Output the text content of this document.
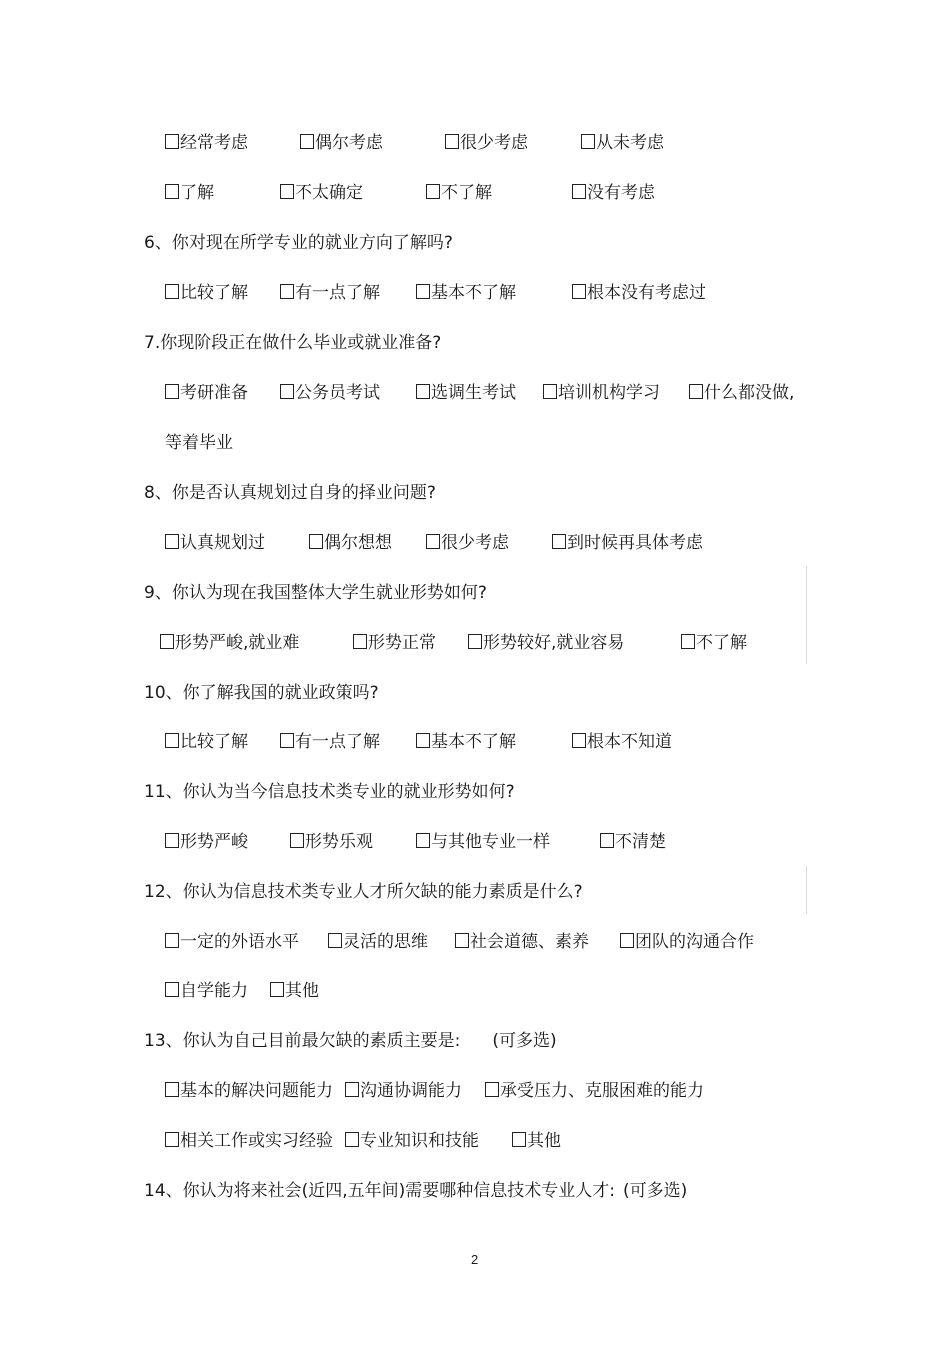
经常考虑	偶尔考虑	很少考虑	从未考虑
了解	不太确定	不了解	没有考虑
6、你对现在所学专业的就业方向了解吗?
比较了解	有一点了解	基本不了解	根本没有考虑过
7.你现阶段正在做什么毕业或就业准备?
考研准备	公务员考试	选调生考试	培训机构学习	什么都没做,
等着毕业
8、你是否认真规划过自身的择业问题?
认真规划过	偶尔想想	很少考虑	到时候再具体考虑
9、你认为现在我国整体大学生就业形势如何?
形势严峻,就业难	形势正常	形势较好,就业容易	不了解
10、你了解我国的就业政策吗?
比较了解	有一点了解	基本不了解	根本不知道
11、你认为当今信息技术类专业的就业形势如何?
形势严峻	形势乐观	与其他专业一样	不清楚
12、你认为信息技术类专业人才所欠缺的能力素质是什么?
一定的外语水平	灵活的思维	社会道德、素养	团队的沟通合作
自学能力	其他
13、你认为自己目前最欠缺的素质主要是: (可多选)
基本的解决问题能力	沟通协调能力	承受压力、克服困难的能力
相关工作或实习经验	专业知识和技能	其他
14、你认为将来社会(近四,五年间)需要哪种信息技术专业人才: (可多选)
2
